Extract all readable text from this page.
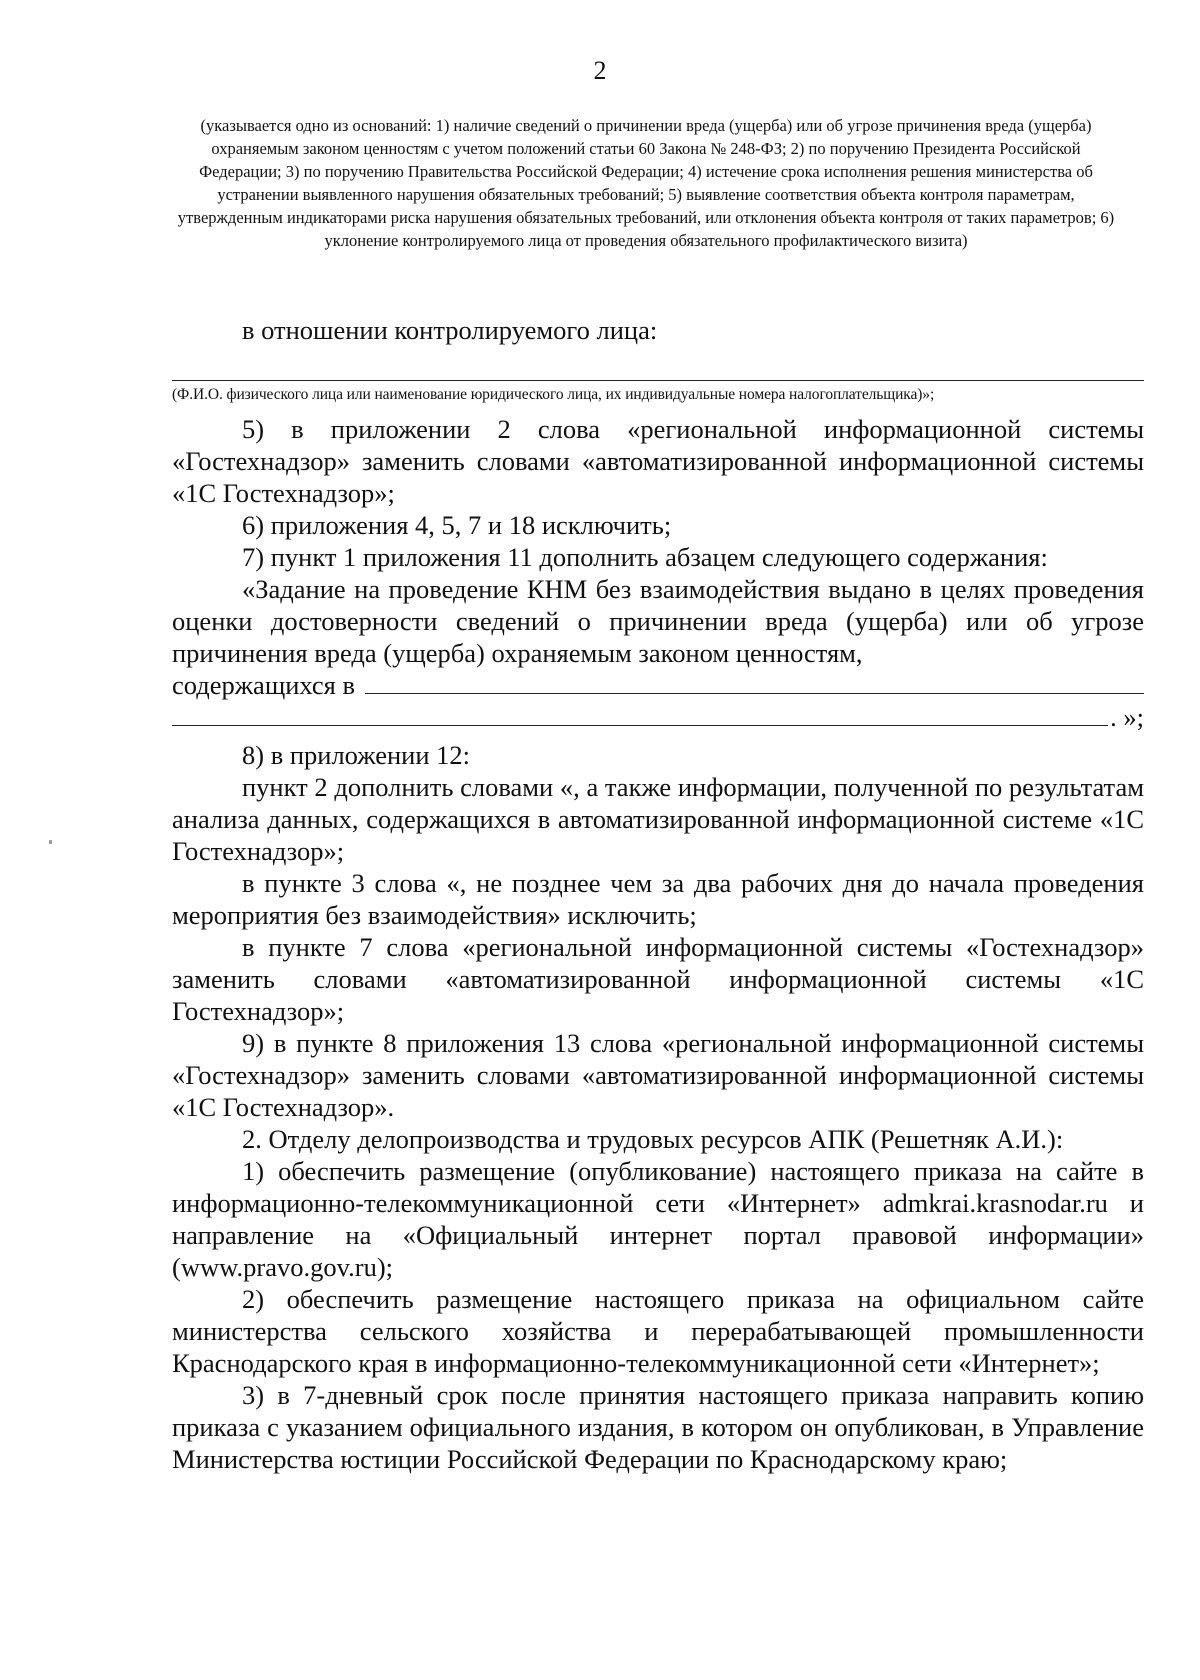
2
(указывается одно из оснований: 1) наличие сведений о причинении вреда (ущерба) или об угрозе причинения вреда (ущерба) охраняемым законом ценностям с учетом положений статьи 60 Закона № 248-ФЗ; 2) по поручению Президента Российской Федерации; 3) по поручению Правительства Российской Федерации; 4) истечение срока исполнения решения министерства об устранении выявленного нарушения обязательных требований; 5) выявление соответствия объекта контроля параметрам, утвержденным индикаторами риска нарушения обязательных требований, или отклонения объекта контроля от таких параметров; 6) уклонение контролируемого лица от проведения обязательного профилактического визита)

в отношении контролируемого лица:

(Ф.И.О. физического лица или наименование юридического лица, их индивидуальные номера налогоплательщика)»;

5) в приложении 2 слова «региональной информационной системы «Гостехнадзор» заменить словами «автоматизированной информационной системы «1С Гостехнадзор»;

6) приложения 4, 5, 7 и 18 исключить;

7) пункт 1 приложения 11 дополнить абзацем следующего содержания:

«Задание на проведение КНМ без взаимодействия выдано в целях проведения оценки достоверности сведений о причинении вреда (ущерба) или об угрозе причинения вреда (ущерба) охраняемым законом ценностям,

содержащихся в
. »;

8) в приложении 12:

пункт 2 дополнить словами «, а также информации, полученной по результатам анализа данных, содержащихся в автоматизированной информационной системе «1С Гостехнадзор»;

в пункте 3 слова «, не позднее чем за два рабочих дня до начала проведения мероприятия без взаимодействия» исключить;

в пункте 7 слова «региональной информационной системы «Гостехнадзор» заменить словами «автоматизированной информационной системы «1С Гостехнадзор»;

9) в пункте 8 приложения 13 слова «региональной информационной системы «Гостехнадзор» заменить словами «автоматизированной информационной системы «1С Гостехнадзор».

2. Отделу делопроизводства и трудовых ресурсов АПК (Решетняк А.И.):

1) обеспечить размещение (опубликование) настоящего приказа на сайте в информационно-телекоммуникационной сети «Интернет» admkrai.krasnodar.ru и направление на «Официальный интернет портал правовой информации» (www.pravo.gov.ru);

2) обеспечить размещение настоящего приказа на официальном сайте министерства сельского хозяйства и перерабатывающей промышленности Краснодарского края в информационно-телекоммуникационной сети «Интернет»;

3) в 7-дневный срок после принятия настоящего приказа направить копию приказа с указанием официального издания, в котором он опубликован, в Управление Министерства юстиции Российской Федерации по Краснодарскому краю;
